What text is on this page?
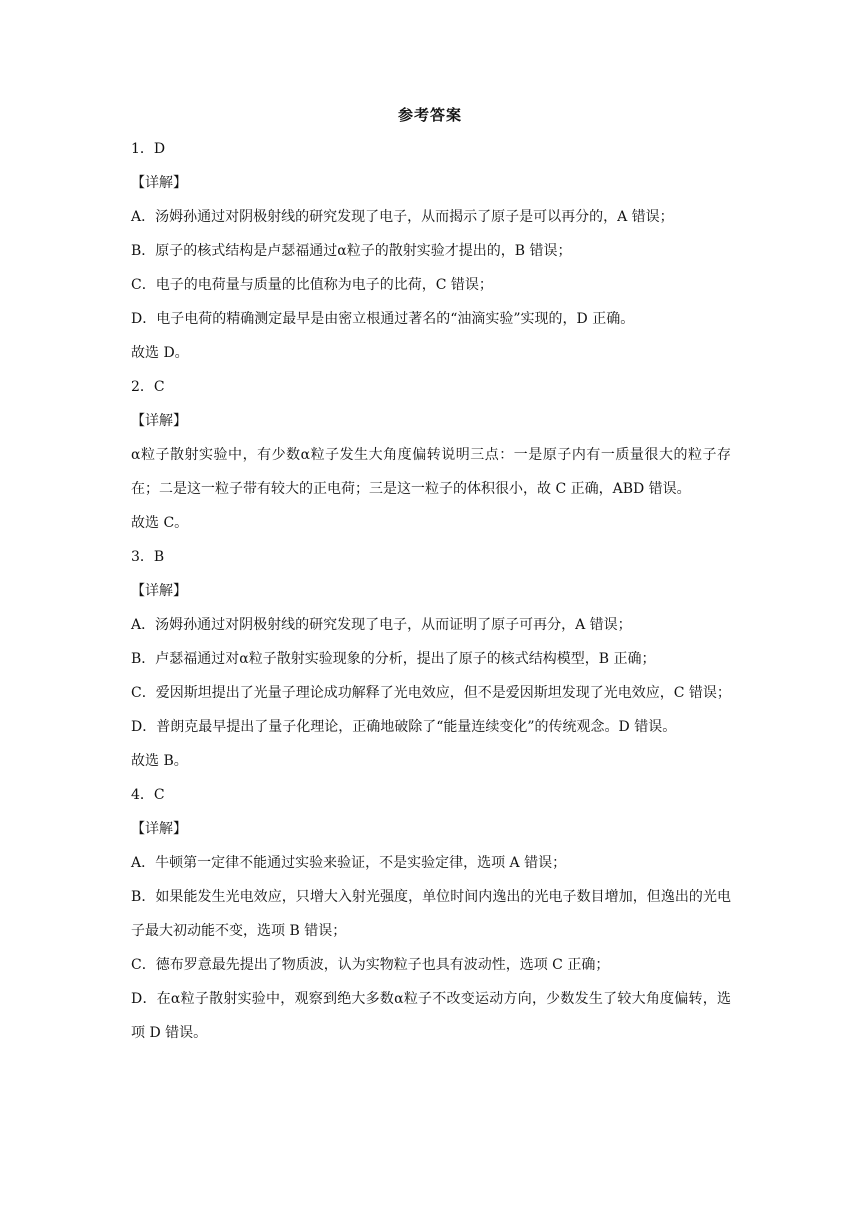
参考答案
1．D
【详解】
A．汤姆孙通过对阴极射线的研究发现了电子，从而揭示了原子是可以再分的，A 错误；
B．原子的核式结构是卢瑟福通过α粒子的散射实验才提出的，B 错误；
C．电子的电荷量与质量的比值称为电子的比荷，C 错误；
D．电子电荷的精确测定最早是由密立根通过著名的“油滴实验”实现的，D 正确。
故选 D。
2．C
【详解】
α粒子散射实验中，有少数α粒子发生大角度偏转说明三点：一是原子内有一质量很大的粒子存在；二是这一粒子带有较大的正电荷；三是这一粒子的体积很小，故 C 正确，ABD 错误。
故选 C。
3．B
【详解】
A．汤姆孙通过对阴极射线的研究发现了电子，从而证明了原子可再分，A 错误；
B．卢瑟福通过对α粒子散射实验现象的分析，提出了原子的核式结构模型，B 正确；
C．爱因斯坦提出了光量子理论成功解释了光电效应，但不是爱因斯坦发现了光电效应，C 错误；
D．普朗克最早提出了量子化理论，正确地破除了“能量连续变化”的传统观念。D 错误。
故选 B。
4．C
【详解】
A．牛顿第一定律不能通过实验来验证，不是实验定律，选项 A 错误；
B．如果能发生光电效应，只增大入射光强度，单位时间内逸出的光电子数目增加，但逸出的光电子最大初动能不变，选项 B 错误；
C．德布罗意最先提出了物质波，认为实物粒子也具有波动性，选项 C 正确；
D．在α粒子散射实验中，观察到绝大多数α粒子不改变运动方向，少数发生了较大角度偏转，选项 D 错误。
